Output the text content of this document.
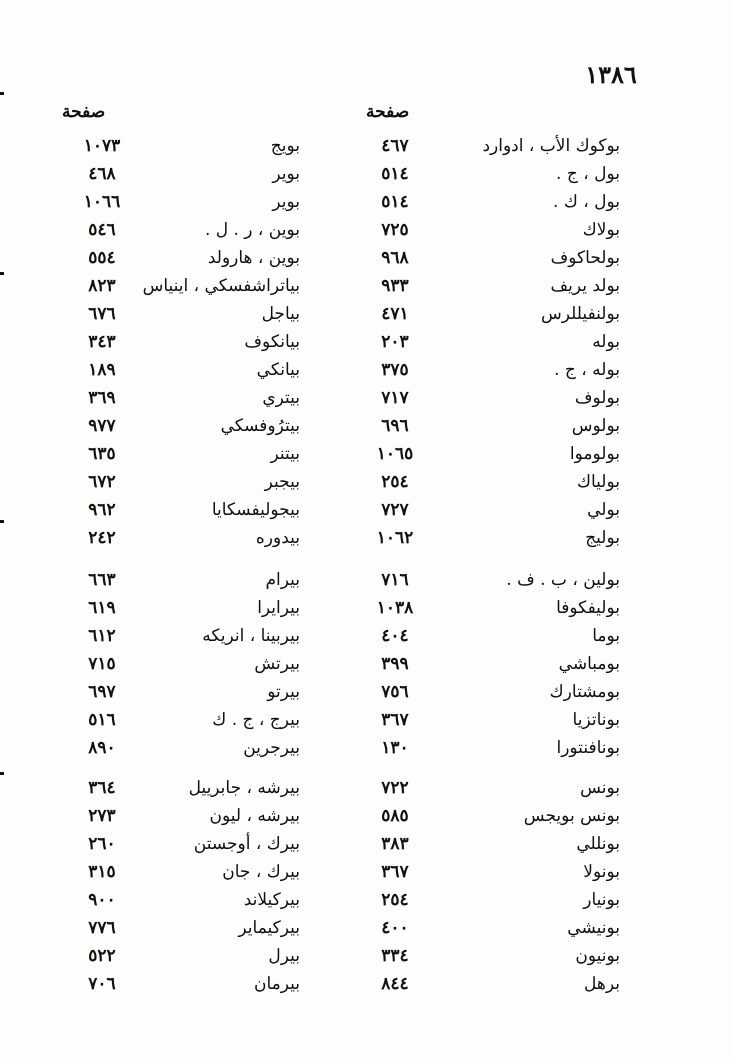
١٣٨٦
صفحة	صفحة
١٠٧٣	بويج	٤٦٧	بوكوك الأب ، ادوارد
٤٦٨	بوير	٥١٤	بول ، ج .
١٠٦٦	بوير	٥١٤	بول ، ك .
٥٤٦	بوين ، ر . ل .	٧٢٥	بولاك
٥٥٤	بوين ، هارولد	٩٦٨	بولحاكوف
٨٢٣	بياتراشفسكي ، اينياس	٩٣٣	بولد يريف
٦٧٦	بياجل	٤٧١	بولنفيللرس
٣٤٣	بيانكوف	٢٠٣	بوله
١٨٩	بيانكي	٣٧٥	بوله ، ج .
٣٦٩	بيتري	٧١٧	بولوف
٩٧٧	بيترُوفسكي	٦٩٦	بولوس
٦٣٥	بيتنر	١٠٦٥	بولوموا
٦٧٢	بيجبر	٢٥٤	بولياك
٩٦٢	بيجوليفسكايا	٧٢٧	بولي
٢٤٢	بيدوره	١٠٦٢	بوليج
٦٦٣	بيرام	٧١٦	بولين ، ب . ف .
٦١٩	بيرايرا	١٠٣٨	بوليفكوفا
٦١٢	بيربينا ، انريكه	٤٠٤	بوما
٧١٥	بيرتش	٣٩٩	بومباشي
٦٩٧	بيرتو	٧٥٦	بومشتارك
٥١٦	بيرج ، ج . ك	٣٦٧	بوناتزيا
٨٩٠	بيرجرين	١٣٠	بونافنتورا
٣٦٤	بيرشه ، جابرييل	٧٢٢	بونس
٢٧٣	بيرشه ، ليون	٥٨٥	بونس بويجس
٢٦٠	بيرك ، أوجستن	٣٨٣	بونللي
٣١٥	بيرك ، جان	٣٦٧	بونولا
٩٠٠	بيركيلاند	٢٥٤	بونيار
٧٧٦	بيركيماير	٤٠٠	بونيشي
٥٢٢	بيرل	٣٣٤	بونيون
٧٠٦	بيرمان	٨٤٤	برهل
